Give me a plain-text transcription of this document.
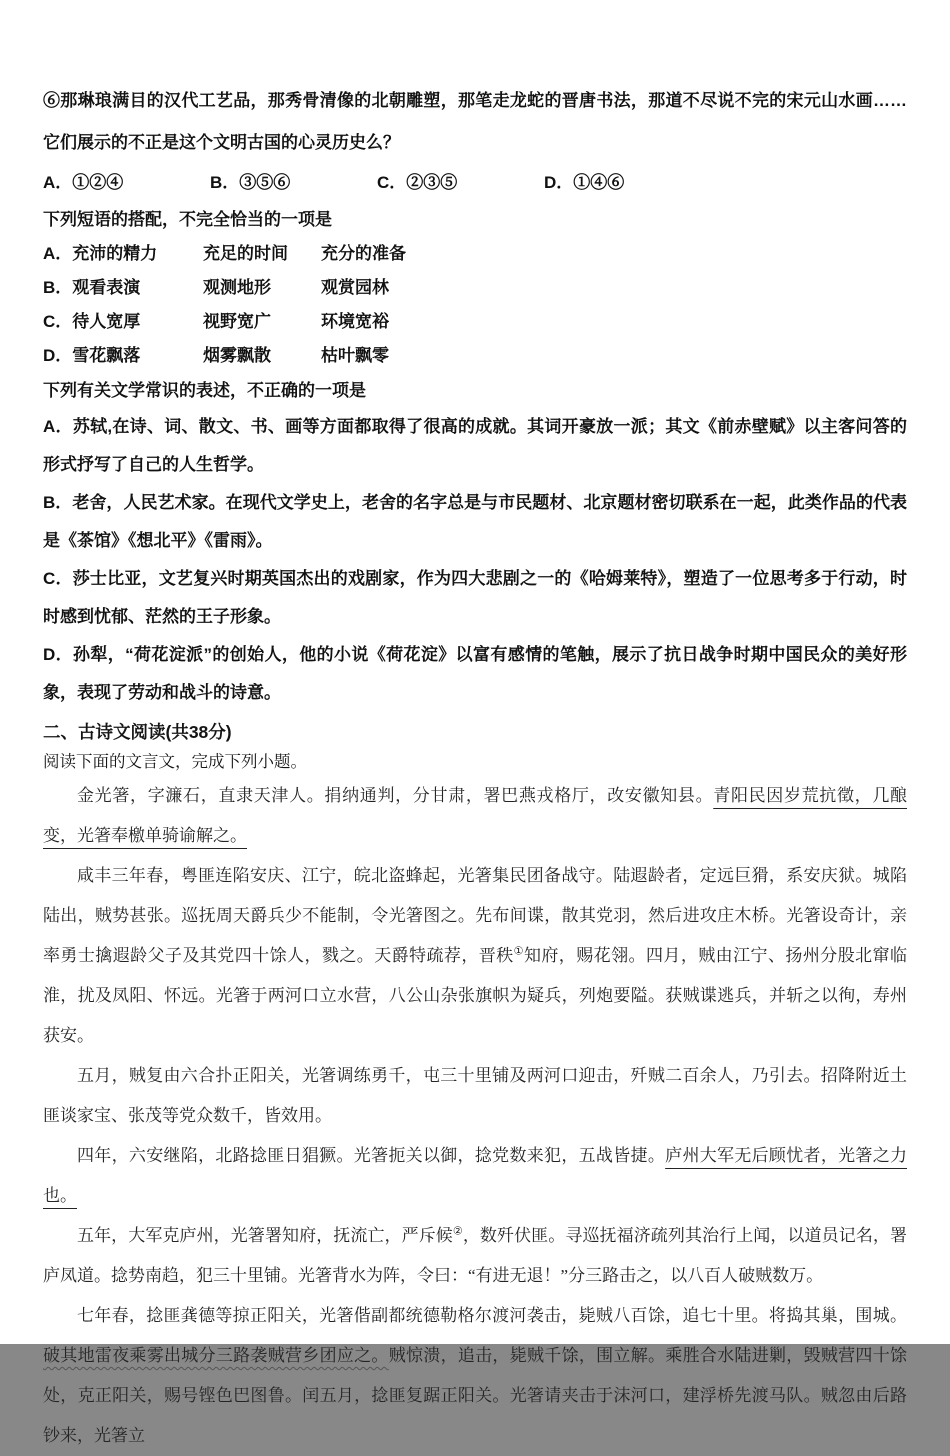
⑥那琳琅满目的汉代工艺品，那秀骨清像的北朝雕塑，那笔走龙蛇的晋唐书法，那道不尽说不完的宋元山水画……它们展示的不正是这个文明古国的心灵历史么？
A．①②④	B．③⑤⑥	C．②③⑤	D．①④⑥
下列短语的搭配，不完全恰当的一项是
A．充沛的精力	充足的时间	充分的准备
B．观看表演	观测地形	观赏园林
C．待人宽厚	视野宽广	环境宽裕
D．雪花飘落	烟雾飘散	枯叶飘零
下列有关文学常识的表述，不正确的一项是

A．苏轼,在诗、词、散文、书、画等方面都取得了很高的成就。其词开豪放一派；其文《前赤壁赋》以主客问答的形式抒写了自己的人生哲学。

B．老舍，人民艺术家。在现代文学史上，老舍的名字总是与市民题材、北京题材密切联系在一起，此类作品的代表是《茶馆》《想北平》《雷雨》。

C．莎士比亚，文艺复兴时期英国杰出的戏剧家，作为四大悲剧之一的《哈姆莱特》，塑造了一位思考多于行动，时时感到忧郁、茫然的王子形象。

D．孙犁，“荷花淀派”的创始人，他的小说《荷花淀》以富有感情的笔触，展示了抗日战争时期中国民众的美好形象，表现了劳动和战斗的诗意。

二、古诗文阅读(共38分)
阅读下面的文言文，完成下列小题。

金光箸，字濂石，直隶天津人。捐纳通判，分甘肃，署巴燕戎格厅，改安徽知县。青阳民因岁荒抗徵，几酿变，光箸奉檄单骑谕解之。

咸丰三年春，粤匪连陷安庆、江宁，皖北盗蜂起，光箸集民团备战守。陆遐龄者，定远巨猾，系安庆狱。城陷陆出，贼势甚张。巡抚周天爵兵少不能制，令光箸图之。先布间谍，散其党羽，然后进攻庄木桥。光箸设奇计，亲率勇士擒遐龄父子及其党四十馀人，戮之。天爵特疏荐，晋秩①知府，赐花翎。四月，贼由江宁、扬州分股北窜临淮，扰及凤阳、怀远。光箸于两河口立水营，八公山杂张旗帜为疑兵，列炮要隘。获贼谍逃兵，并斩之以徇，寿州获安。

五月，贼复由六合扑正阳关，光箸调练勇千，屯三十里铺及两河口迎击，歼贼二百余人，乃引去。招降附近土匪谈家宝、张茂等党众数千，皆效用。

四年，六安继陷，北路捻匪日猖獗。光箸扼关以御，捻党数来犯，五战皆捷。庐州大军无后顾忧者，光箸之力也。

五年，大军克庐州，光箸署知府，抚流亡，严斥候②，数歼伏匪。寻巡抚福济疏列其治行上闻，以道员记名，署庐凤道。捻势南趋，犯三十里铺。光箸背水为阵，令曰：“有进无退！”分三路击之，以八百人破贼数万。

七年春，捻匪龚德等掠正阳关，光箸偕副都统德勒格尔渡河袭击，毙贼八百馀，追七十里。将捣其巢，围城。破其地雷夜乘雾出城分三路袭贼营乡团应之。贼惊溃，追击，毙贼千馀，围立解。乘胜合水陆进剿，毁贼营四十馀处，克正阳关，赐号铿色巴图鲁。闰五月，捻匪复踞正阳关。光箸请夹击于沫河口，建浮桥先渡马队。贼忽由后路钞来，光箸立
